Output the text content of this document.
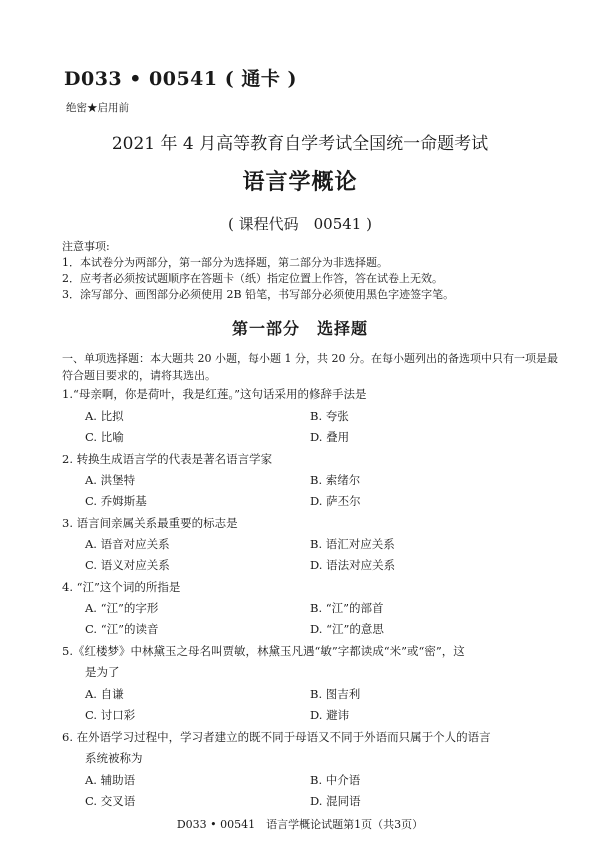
​
D033 • 00541 ( 通卡 )
绝密★启用前
2021 年 4 月高等教育自学考试全国统一命题考试
语言学概论
( 课程代码　00541 )
注意事项:
1．本试卷分为两部分，第一部分为选择题，第二部分为非选择题。
2．应考者必须按试题顺序在答题卡（纸）指定位置上作答，答在试卷上无效。
3．涂写部分、画图部分必须使用 2B 铅笔，书写部分必须使用黑色字迹签字笔。
第一部分　选择题
一、单项选择题：本大题共 20 小题，每小题 1 分，共 20 分。在每小题列出的备选项中只有一项是最符合题目要求的，请将其选出。
1.“母亲啊，你是荷叶，我是红莲。”这句话采用的修辞手法是
A. 比拟	B. 夸张
C. 比喻	D. 叠用
2. 转换生成语言学的代表是著名语言学家
A. 洪堡特	B. 索绪尔
C. 乔姆斯基	D. 萨丕尔
3. 语言间亲属关系最重要的标志是
A. 语音对应关系	B. 语汇对应关系
C. 语义对应关系	D. 语法对应关系
4. “江”这个词的所指是
A. “江”的字形	B. “江”的部首
C. “江”的读音	D. “江”的意思
5.《红楼梦》中林黛玉之母名叫贾敏，林黛玉凡遇“敏”字都读成“米”或“密”，这
是为了
A. 自谦	B. 图吉利
C. 讨口彩	D. 避讳
6. 在外语学习过程中，学习者建立的既不同于母语又不同于外语而只属于个人的语言
系统被称为
A. 辅助语	B. 中介语
C. 交叉语	D. 混同语
D033 • 00541　语言学概论试题第1页（共3页）
